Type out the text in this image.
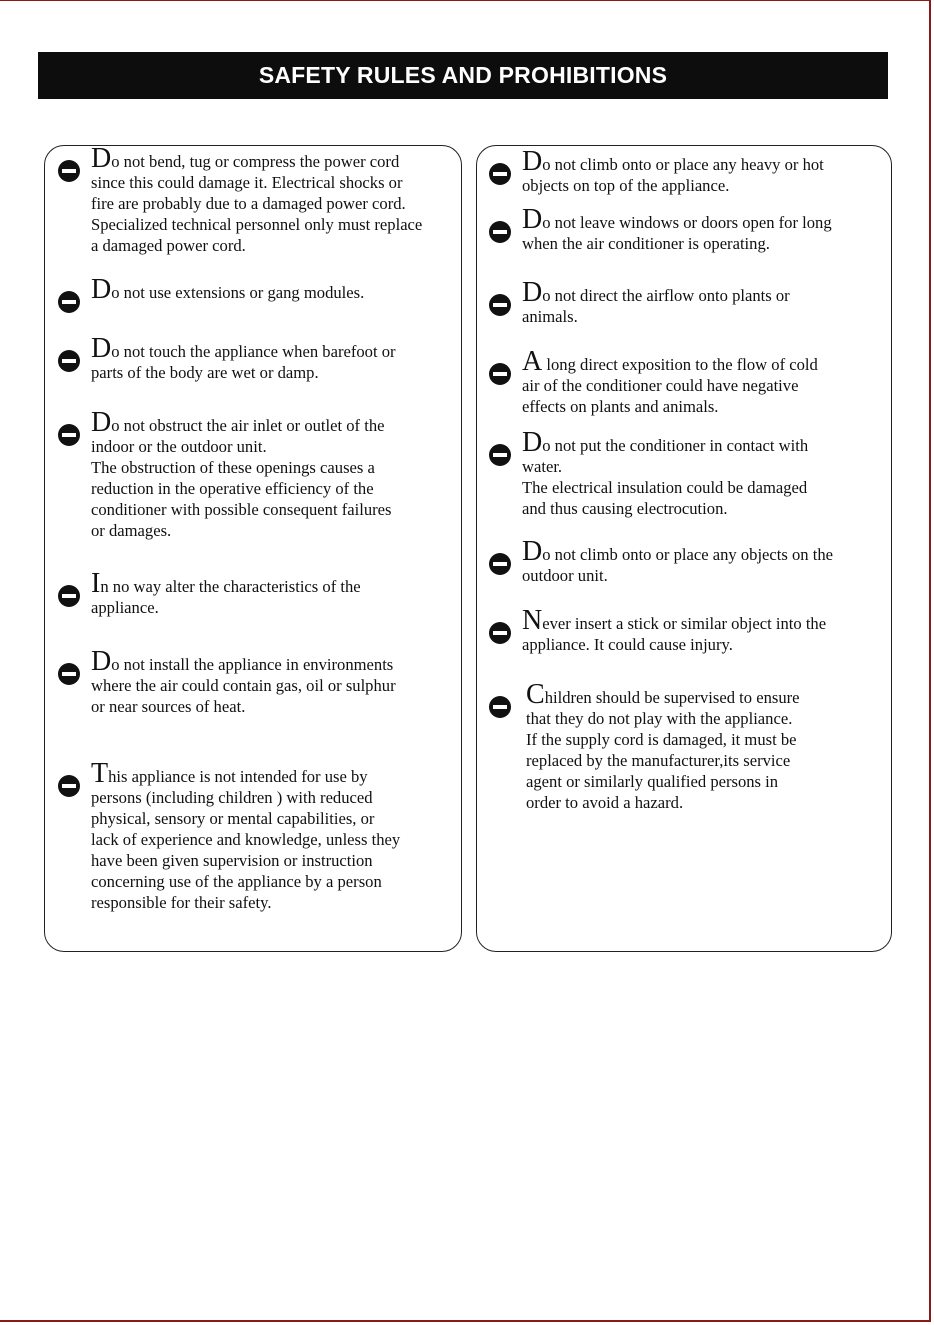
SAFETY RULES AND PROHIBITIONS
Do not bend, tug or compress the power cord
since this could damage it. Electrical shocks or
fire are probably due to a damaged power cord.
Specialized technical personnel only must replace
a damaged power cord.
Do not use extensions or gang modules.
Do not touch the appliance when barefoot or
parts of the body are wet or damp.
Do not obstruct the air inlet or outlet of the
indoor or the outdoor unit.
The obstruction of these openings causes a
reduction in the operative efficiency of the
conditioner with possible consequent failures
or damages.
In no way alter the characteristics of the
appliance.
Do not install the appliance in environments
where the air could contain gas, oil or sulphur
or near sources of heat.
This appliance is not intended for use by
persons (including children ) with reduced
physical, sensory or mental capabilities, or
lack of experience and knowledge, unless they
have been given supervision or instruction
concerning use of the appliance by a person
responsible for their safety.
Do not climb onto or place any heavy or hot
objects on top of the appliance.
Do not leave windows or doors open for long
when the air conditioner is operating.
Do not direct the airflow onto plants or
animals.
A long direct exposition to the flow of cold
air of the conditioner could have negative
effects on plants and animals.
Do not put the conditioner in contact with
water.
The electrical insulation could be damaged
and thus causing electrocution.
Do not climb onto or place any objects on the
outdoor unit.
Never insert a stick or similar object into the
appliance. It could cause injury.
Children should be supervised to ensure
that they do not play with the appliance.
If the supply cord is damaged, it must be
replaced by the manufacturer,its service
agent or similarly qualified persons in
order to avoid a hazard.
